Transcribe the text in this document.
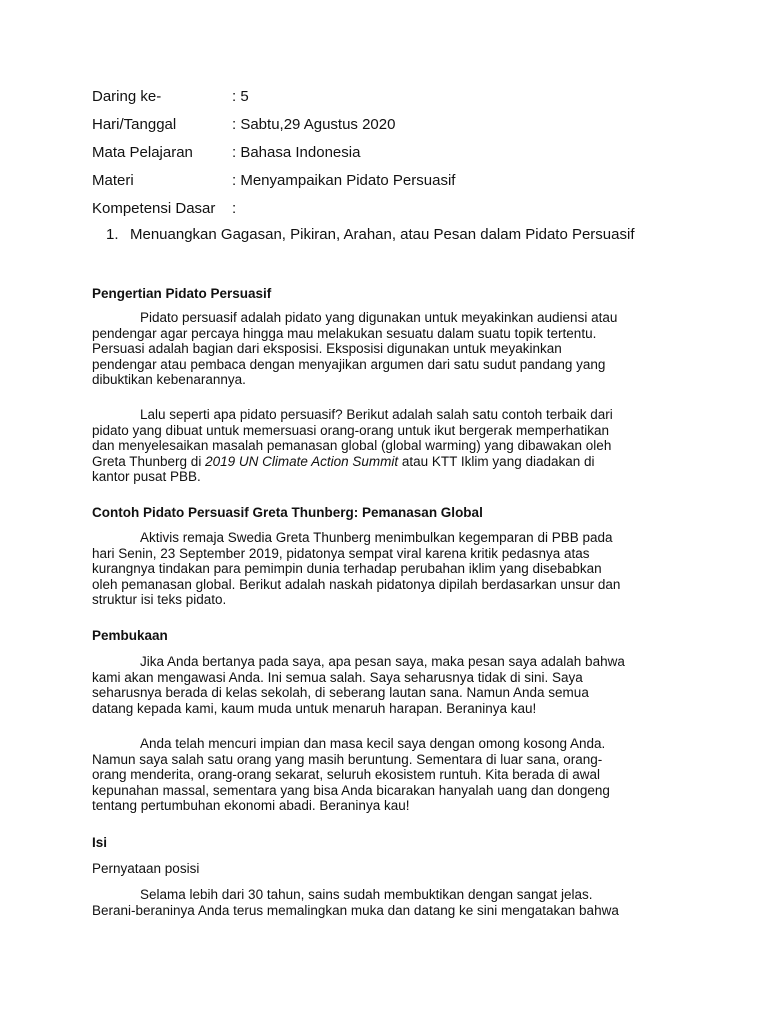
Daring ke-	: 5
Hari/Tanggal	: Sabtu,29 Agustus 2020
Mata Pelajaran	: Bahasa Indonesia
Materi	: Menyampaikan Pidato Persuasif
Kompetensi Dasar :
1. Menuangkan Gagasan, Pikiran, Arahan, atau Pesan dalam Pidato Persuasif
Pengertian Pidato Persuasif
Pidato persuasif adalah pidato yang digunakan untuk meyakinkan audiensi atau
pendengar agar percaya hingga mau melakukan sesuatu dalam suatu topik tertentu.
Persuasi adalah bagian dari eksposisi. Eksposisi digunakan untuk meyakinkan
pendengar atau pembaca dengan menyajikan argumen dari satu sudut pandang yang
dibuktikan kebenarannya.
Lalu seperti apa pidato persuasif? Berikut adalah salah satu contoh terbaik dari
pidato yang dibuat untuk memersuasi orang-orang untuk ikut bergerak memperhatikan
dan menyelesaikan masalah pemanasan global (global warming) yang dibawakan oleh
Greta Thunberg di 2019 UN Climate Action Summit atau KTT Iklim yang diadakan di
kantor pusat PBB.
Contoh Pidato Persuasif Greta Thunberg: Pemanasan Global
Aktivis remaja Swedia Greta Thunberg menimbulkan kegemparan di PBB pada
hari Senin, 23 September 2019, pidatonya sempat viral karena kritik pedasnya atas
kurangnya tindakan para pemimpin dunia terhadap perubahan iklim yang disebabkan
oleh pemanasan global. Berikut adalah naskah pidatonya dipilah berdasarkan unsur dan
struktur isi teks pidato.
Pembukaan
Jika Anda bertanya pada saya, apa pesan saya, maka pesan saya adalah bahwa
kami akan mengawasi Anda. Ini semua salah. Saya seharusnya tidak di sini. Saya
seharusnya berada di kelas sekolah, di seberang lautan sana. Namun Anda semua
datang kepada kami, kaum muda untuk menaruh harapan. Beraninya kau!
Anda telah mencuri impian dan masa kecil saya dengan omong kosong Anda.
Namun saya salah satu orang yang masih beruntung. Sementara di luar sana, orang-
orang menderita, orang-orang sekarat, seluruh ekosistem runtuh. Kita berada di awal
kepunahan massal, sementara yang bisa Anda bicarakan hanyalah uang dan dongeng
tentang pertumbuhan ekonomi abadi. Beraninya kau!
Isi
Pernyataan posisi
Selama lebih dari 30 tahun, sains sudah membuktikan dengan sangat jelas.
Berani-beraninya Anda terus memalingkan muka dan datang ke sini mengatakan bahwa
